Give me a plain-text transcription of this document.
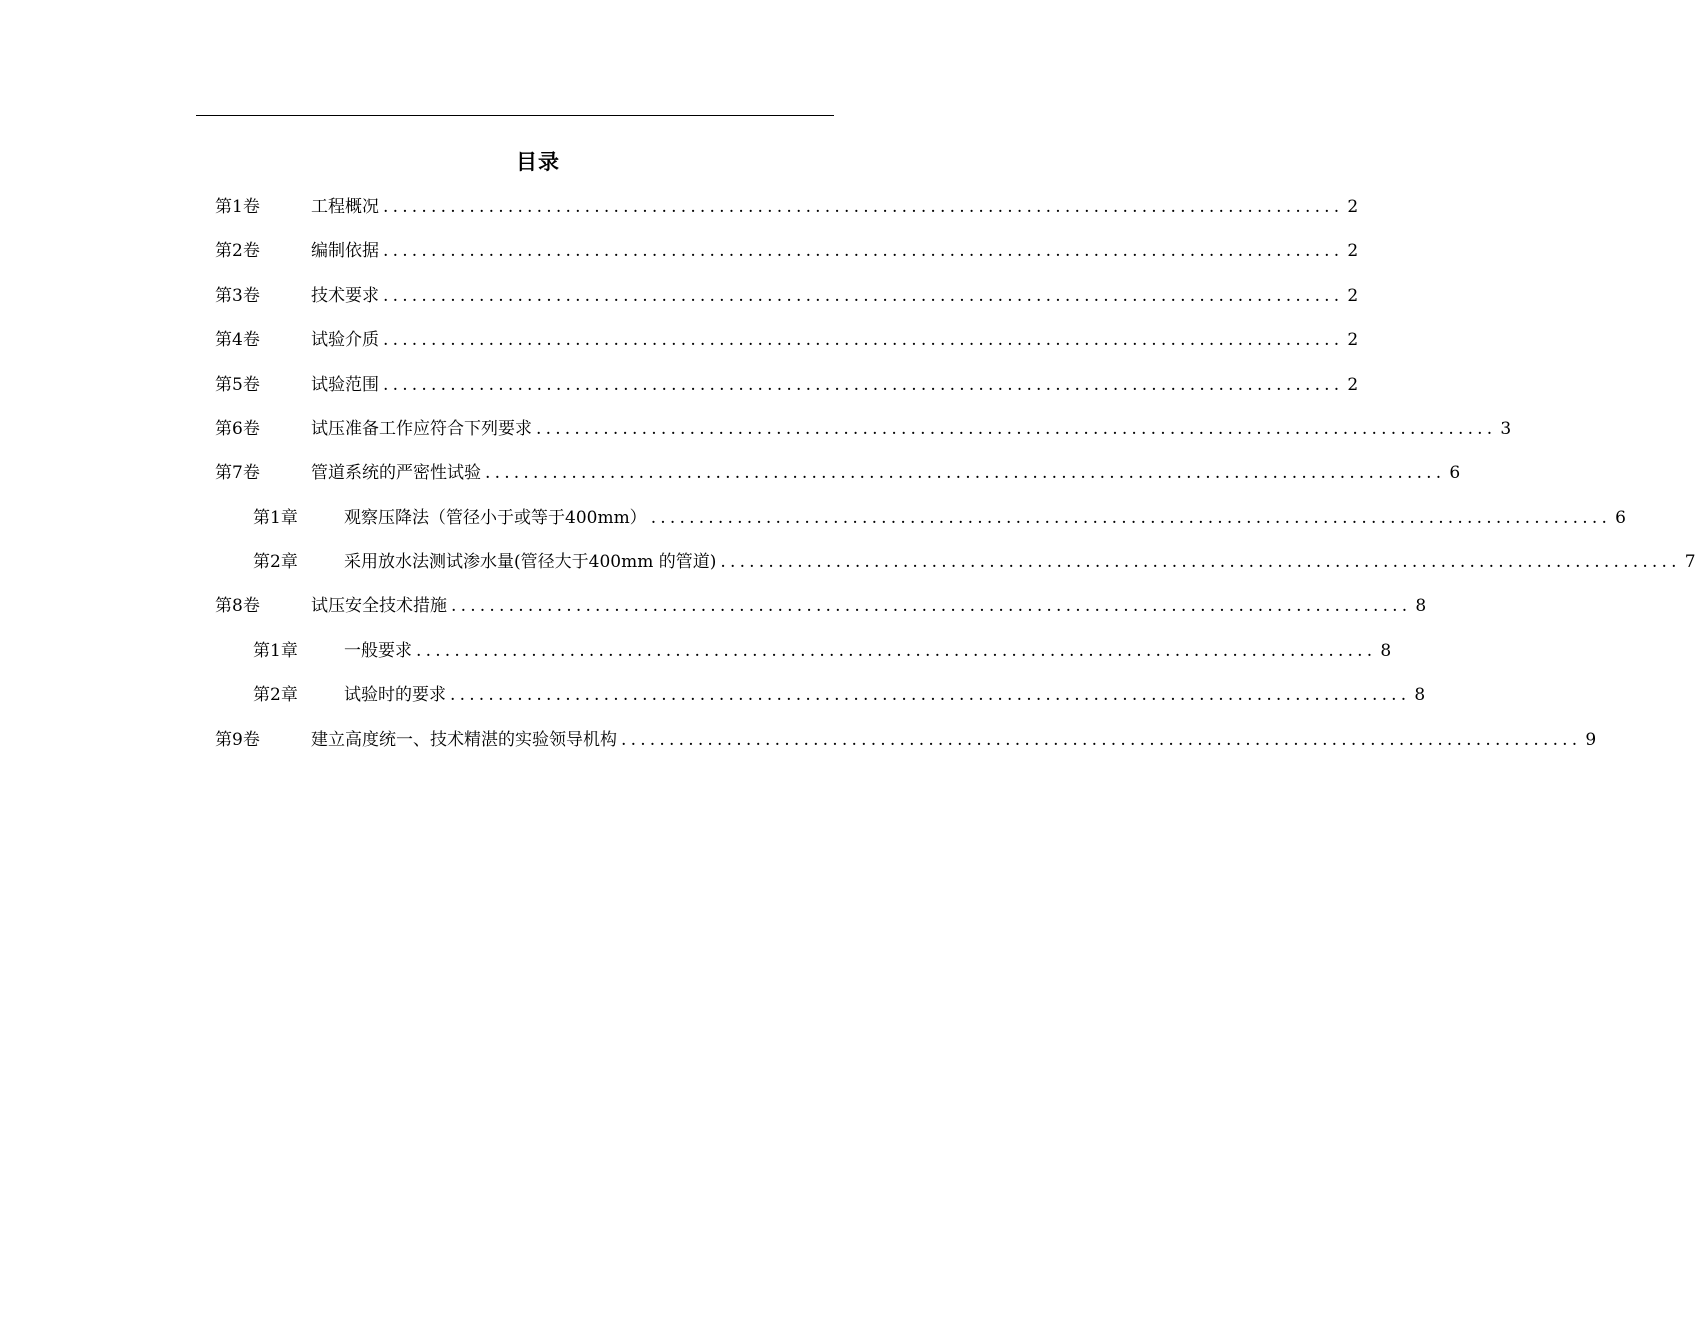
目录
第1卷	工程概况 .................................................................................................... 2
第2卷	编制依据 .................................................................................................... 2
第3卷	技术要求 .................................................................................................... 2
第4卷	试验介质 .................................................................................................... 2
第5卷	试验范围 .................................................................................................... 2
第6卷	试压准备工作应符合下列要求 .................................................................................................... 3
第7卷	管道系统的严密性试验 .................................................................................................... 6
第1章	观察压降法（管径小于或等于400mm） .................................................................................................... 6
第2章	采用放水法测试渗水量(管径大于400mm 的管道) .................................................................................................... 7
第8卷	试压安全技术措施 .................................................................................................... 8
第1章	一般要求 .................................................................................................... 8
第2章	试验时的要求 .................................................................................................... 8
第9卷	建立高度统一、技术精湛的实验领导机构 .................................................................................................... 9
